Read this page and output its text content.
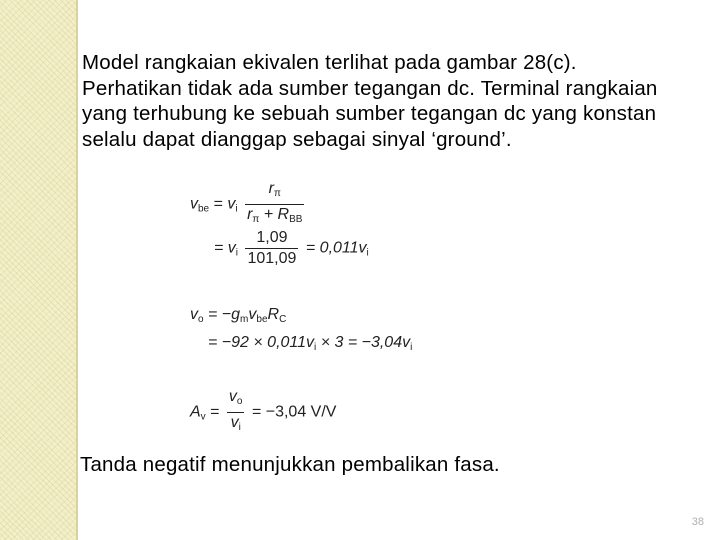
Model rangkaian ekivalen terlihat pada gambar 28(c). Perhatikan tidak ada sumber tegangan dc. Terminal rangkaian yang terhubung ke sebuah sumber tegangan dc yang konstan selalu dapat dianggap sebagai sinyal ‘ground’.

$v_{be} = v_i \frac{r_\pi}{r_\pi + R_{BB}}$
= $v_i \frac{1,09}{101,09} = 0,011v_i$
$v_o = -g_mv_{be}R_C$
= $-92 \times 0,011v_i \times 3 = -3,04v_i$
$A_v = \frac{v_o}{v_i} = -3,04$ V/V
Tanda negatif menunjukkan pembalikan fasa.
38
